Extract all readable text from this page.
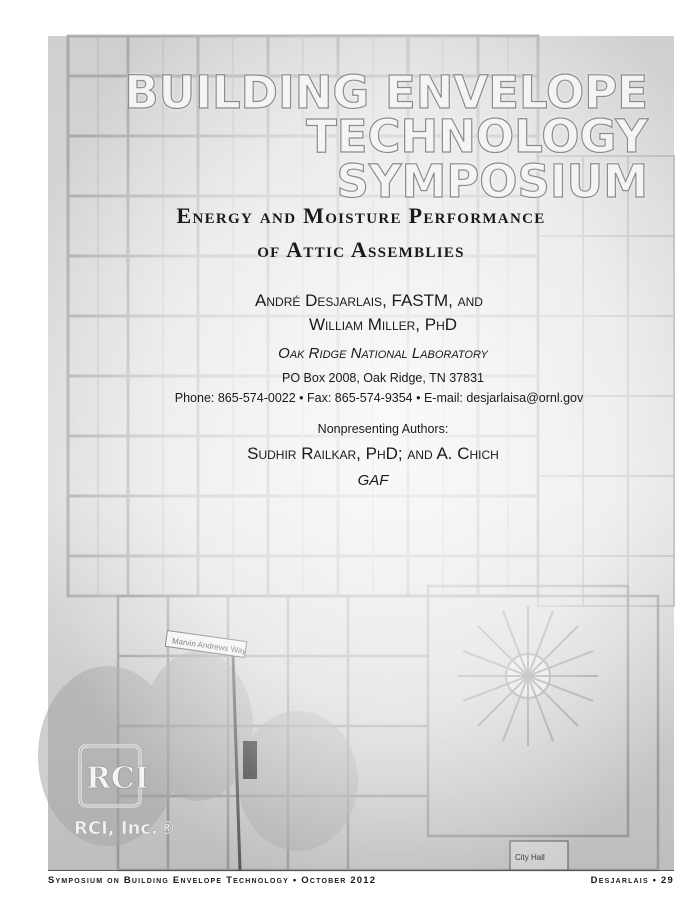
BUILDING ENVELOPE
TECHNOLOGY SYMPOSIUM
Energy and Moisture Performance
of Attic Assemblies
André Desjarlais, FASTM, and
William Miller, PhD
Oak Ridge National Laboratory
PO Box 2008, Oak Ridge, TN 37831
Phone: 865-574-0022 • Fax: 865-574-9354 • E-mail: desjarlaisa@ornl.gov
Nonpresenting Authors:
Sudhir Railkar, PhD; and A. Chich
GAF
RCI
RCI, Inc.®
Symposium on Building Envelope Technology • October 2012	Desjarlais • 29
